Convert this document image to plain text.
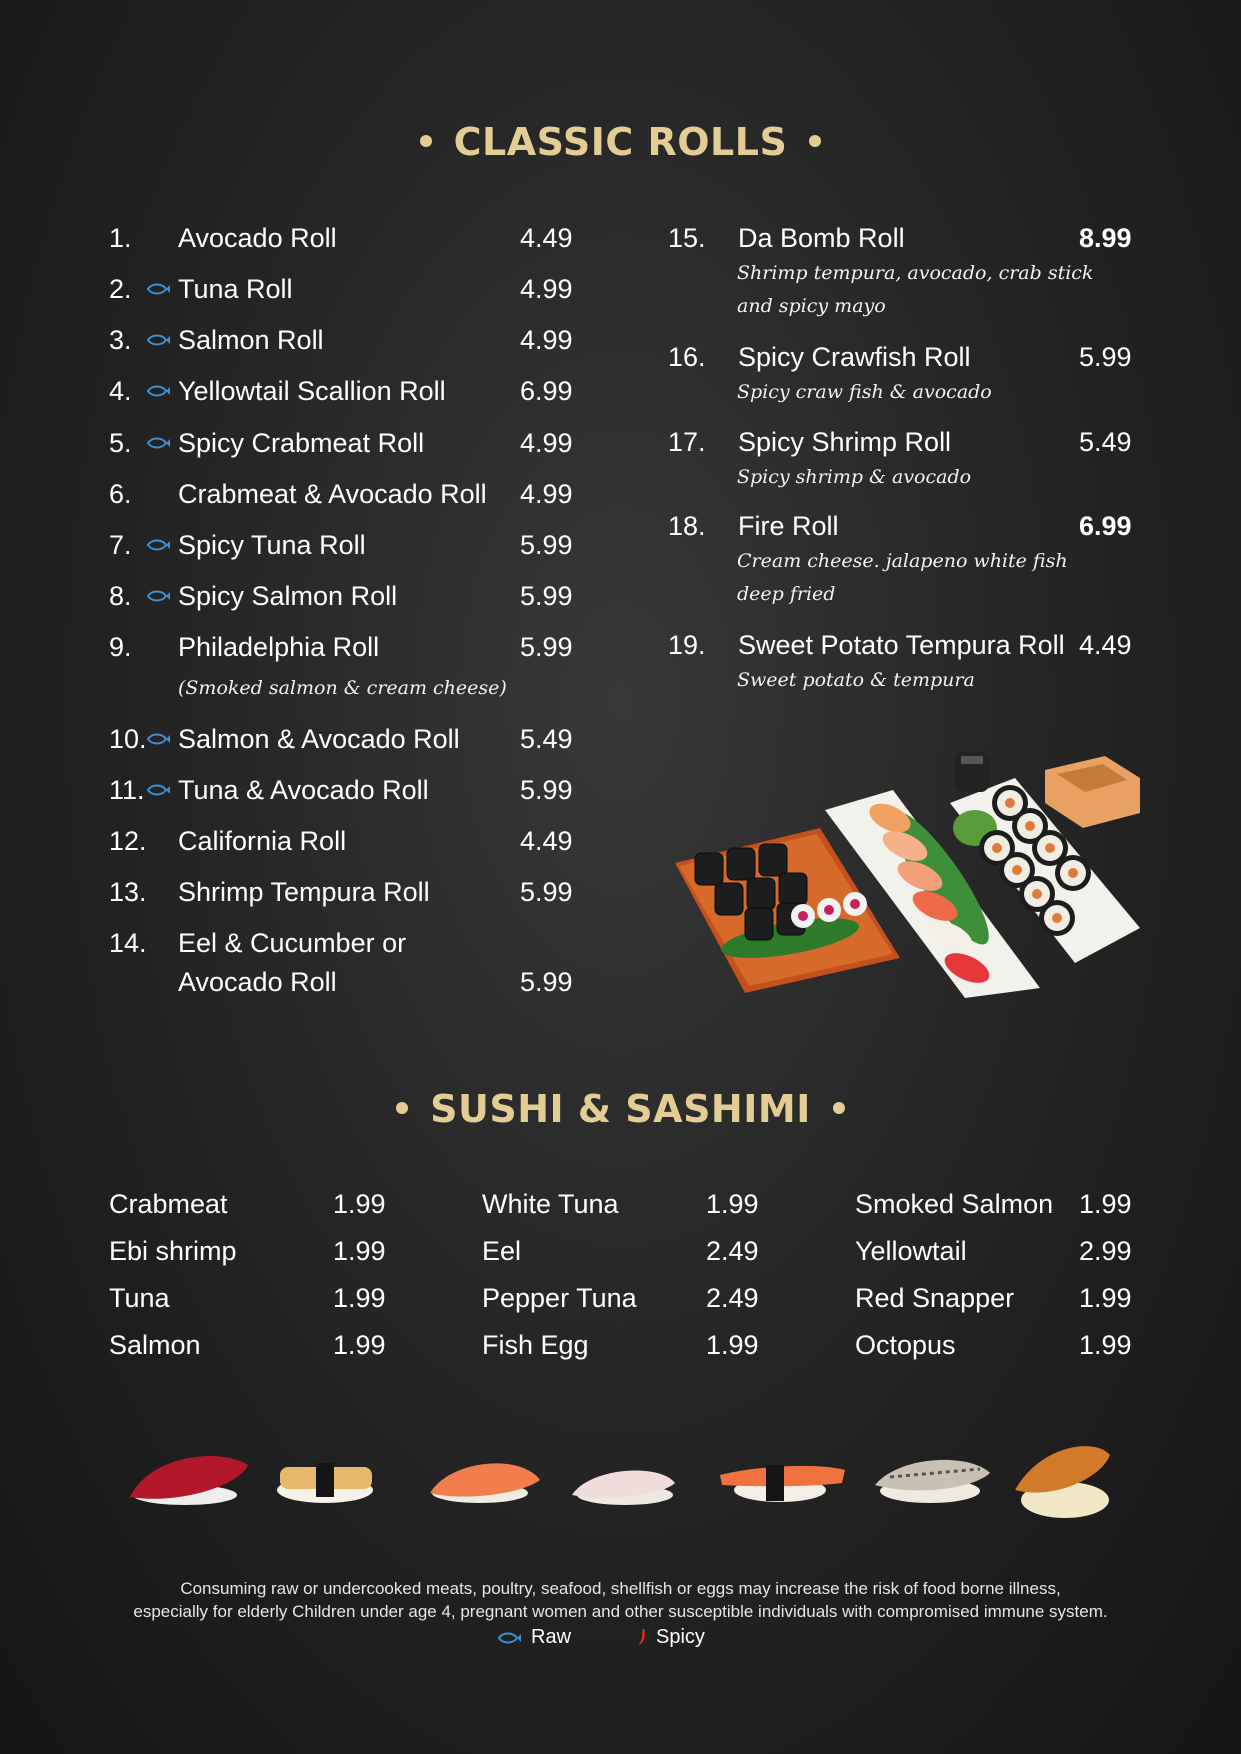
CLASSIC ROLLS
1. Avocado Roll	4.49
2. Tuna Roll	4.99
3. Salmon Roll	4.99
4. Yellowtail Scallion Roll	6.99
5. Spicy Crabmeat Roll	4.99
6. Crabmeat & Avocado Roll 4.99
7. Spicy Tuna Roll	5.99
8. Spicy Salmon Roll	5.99
9. Philadelphia Roll	5.99
(Smoked salmon & cream cheese)
10. Salmon & Avocado Roll 5.49
11. Tuna & Avocado Roll	5.99
12. California Roll	4.49
13. Shrimp Tempura Roll	5.99
14. Eel & Cucumber or
Avocado Roll	5.99
15. Da Bomb Roll	8.99
Shrimp tempura, avocado, crab stick
and spicy mayo
16. Spicy Crawfish Roll	5.99
Spicy craw fish & avocado
17. Spicy Shrimp Roll	5.49
Spicy shrimp & avocado
18. Fire Roll	6.99
Cream cheese. jalapeno white fish
deep fried
19. Sweet Potato Tempura Roll 4.49
Sweet potato & tempura
SUSHI & SASHIMI
Crabmeat	1.99
Ebi shrimp	1.99
Tuna	1.99
Salmon	1.99
White Tuna	1.99
Eel	2.49
Pepper Tuna	2.49
Fish Egg	1.99
Smoked Salmon 1.99
Yellowtail	2.99
Red Snapper 1.99
Octopus	1.99
Consuming raw or undercooked meats, poultry, seafood, shellfish or eggs may increase the risk of food borne illness,
especially for elderly Children under age 4, pregnant women and other susceptible individuals with compromised immune system.
Raw	Spicy
